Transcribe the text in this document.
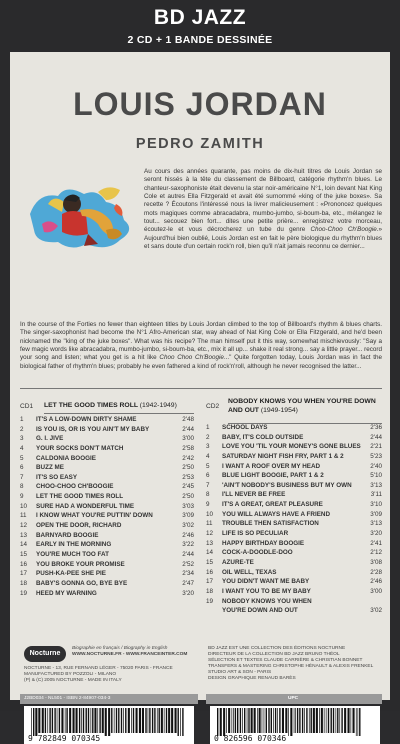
BD JAZZ
2 CD + 1 BANDE DESSINÉE
LOUIS JORDAN
PEDRO ZAMITH
Au cours des années quarante, pas moins de dix-huit titres de Louis Jordan se seront hissés à la tête du classement de Billboard, catégorie rhythm'n blues. Le chanteur-saxophoniste était devenu la star noir-américaine N°1, loin devant Nat King Cole et autres Ella Fitzgerald et avait été surnommé «king of the juke boxes». Sa recette ? Écoutons l'intéressé nous la livrer malicieusement : «Prononcez quelques mots magiques comme abracadabra, mumbo-jumbo, si-boum-ba, etc., mélangez le tout... secouez bien fort... dites une petite prière... enregistrez votre morceau, écoutez-le et vous décrocherez un tube du genre Choo-Choo Ch'Boogie.» Aujourd'hui bien oublié, Louis Jordan est en fait le père biologique du rhythm'n blues et sans doute d'un certain rock'n roll, bien qu'il n'ait jamais reconnu ce dernier...
In the course of the Forties no fewer than eighteen titles by Louis Jordan climbed to the top of Billboard's rhythm & blues charts. The singer-saxophonist had become the N°1 Afro-American star, way ahead of Nat King Cole or Ella Fitzgerald, and he'd been nicknamed the "king of the juke boxes". What was his recipe? The man himself put it this way, somewhat mischievously: "Say a few magic words like abracadabra, mumbo-jumbo, si-boum-ba, etc., mix it all up... shake it real strong... say a little prayer... record your song and listen; what you get is a hit like Choo Choo Ch'Boogie..." Quite forgotten today, Louis Jordan was in fact the biological father of rhythm'n blues; probably he even fathered a kind of rock'n'roll, although he never recognised the latter...
CD1 LET THE GOOD TIMES ROLL (1942-1949)
1	IT'S A LOW-DOWN DIRTY SHAME	2'48
2	IS YOU IS, OR IS YOU AIN'T MY BABY	2'44
3	G. I. JIVE	3'00
4	YOUR SOCKS DON'T MATCH	2'58
5	CALDONIA BOOGIE	2'42
6	BUZZ ME	2'50
7	IT'S SO EASY	2'53
8	CHOO-CHOO CH'BOOGIE	2'45
9	LET THE GOOD TIMES ROLL	2'50
10	SURE HAD A WONDERFUL TIME	3'03
11	I KNOW WHAT YOU'RE PUTTIN' DOWN	3'09
12	OPEN THE DOOR, RICHARD	3'02
13	BARNYARD BOOGIE	2'46
14	EARLY IN THE MORNING	3'22
15	YOU'RE MUCH TOO FAT	2'44
16	YOU BROKE YOUR PROMISE	2'52
17	PUSH-KA-PEE SHE PIE	2'34
18	BABY'S GONNA GO, BYE BYE	2'47
19	HEED MY WARNING	3'20
CD2
NOBODY KNOWS YOU WHEN YOU'RE DOWN AND OUT (1949-1954)
1	SCHOOL DAYS	2'36
2	BABY, IT'S COLD OUTSIDE	2'44
3	LOVE YOU 'TIL YOUR MONEY'S GONE BLUES 2'21
4	SATURDAY NIGHT FISH FRY, PART 1 & 2	5'23
5	I WANT A ROOF OVER MY HEAD	2'40
6	BLUE LIGHT BOOGIE, PART 1 & 2	5'10
7	'AIN'T NOBODY'S BUSINESS BUT MY OWN	3'13
8	I'LL NEVER BE FREE	3'11
9	IT'S A GREAT, GREAT PLEASURE	3'10
10	YOU WILL ALWAYS HAVE A FRIEND	3'09
11	TROUBLE THEN SATISFACTION	3'13
12	LIFE IS SO PECULIAR	3'20
13	HAPPY BIRTHDAY BOOGIE	2'41
14	COCK-A-DOODLE-DOO	2'12
15	AZURE-TE	3'08
16	OIL WELL, TEXAS	2'28
17	YOU DIDN'T WANT ME BABY	2'46
18	I WANT YOU TO BE MY BABY	3'00
19	NOBODY KNOWS YOU WHEN
YOU'RE DOWN AND OUT	3'02
Nocturne
Biographie en français / Biography in English
WWW.NOCTURNE.FR - WWW.FRANCEINTER.COM
NOCTURNE - 13, RUE FERNAND LÉGER - 75020 PARIS - FRANCE
MANUFACTURED BY POZZOLI - MILANO
(P) & (C) 2005 NOCTURNE - MADE IN ITALY
BD JAZZ EST UNE COLLECTION DES ÉDITIONS NOCTURNE
DIRECTEUR DE LA COLLECTION BD JAZZ BRUNO THÉOL
SÉLECTION ET TEXTES CLAUDE CARRIÈRE & CHRISTIAN BONNET
TRANSFERS & MASTERING CHRISTOPHE HÉNAULT & ALEXIS FRENKEL
STUDIO ART & SON - PARIS
DESIGN GRAPHIQUE RENAUD BARÈS
J2BD034 - NL501 - ISBN 2-84907-034-3	UPC
9 782849 070345	0 826596 070346
